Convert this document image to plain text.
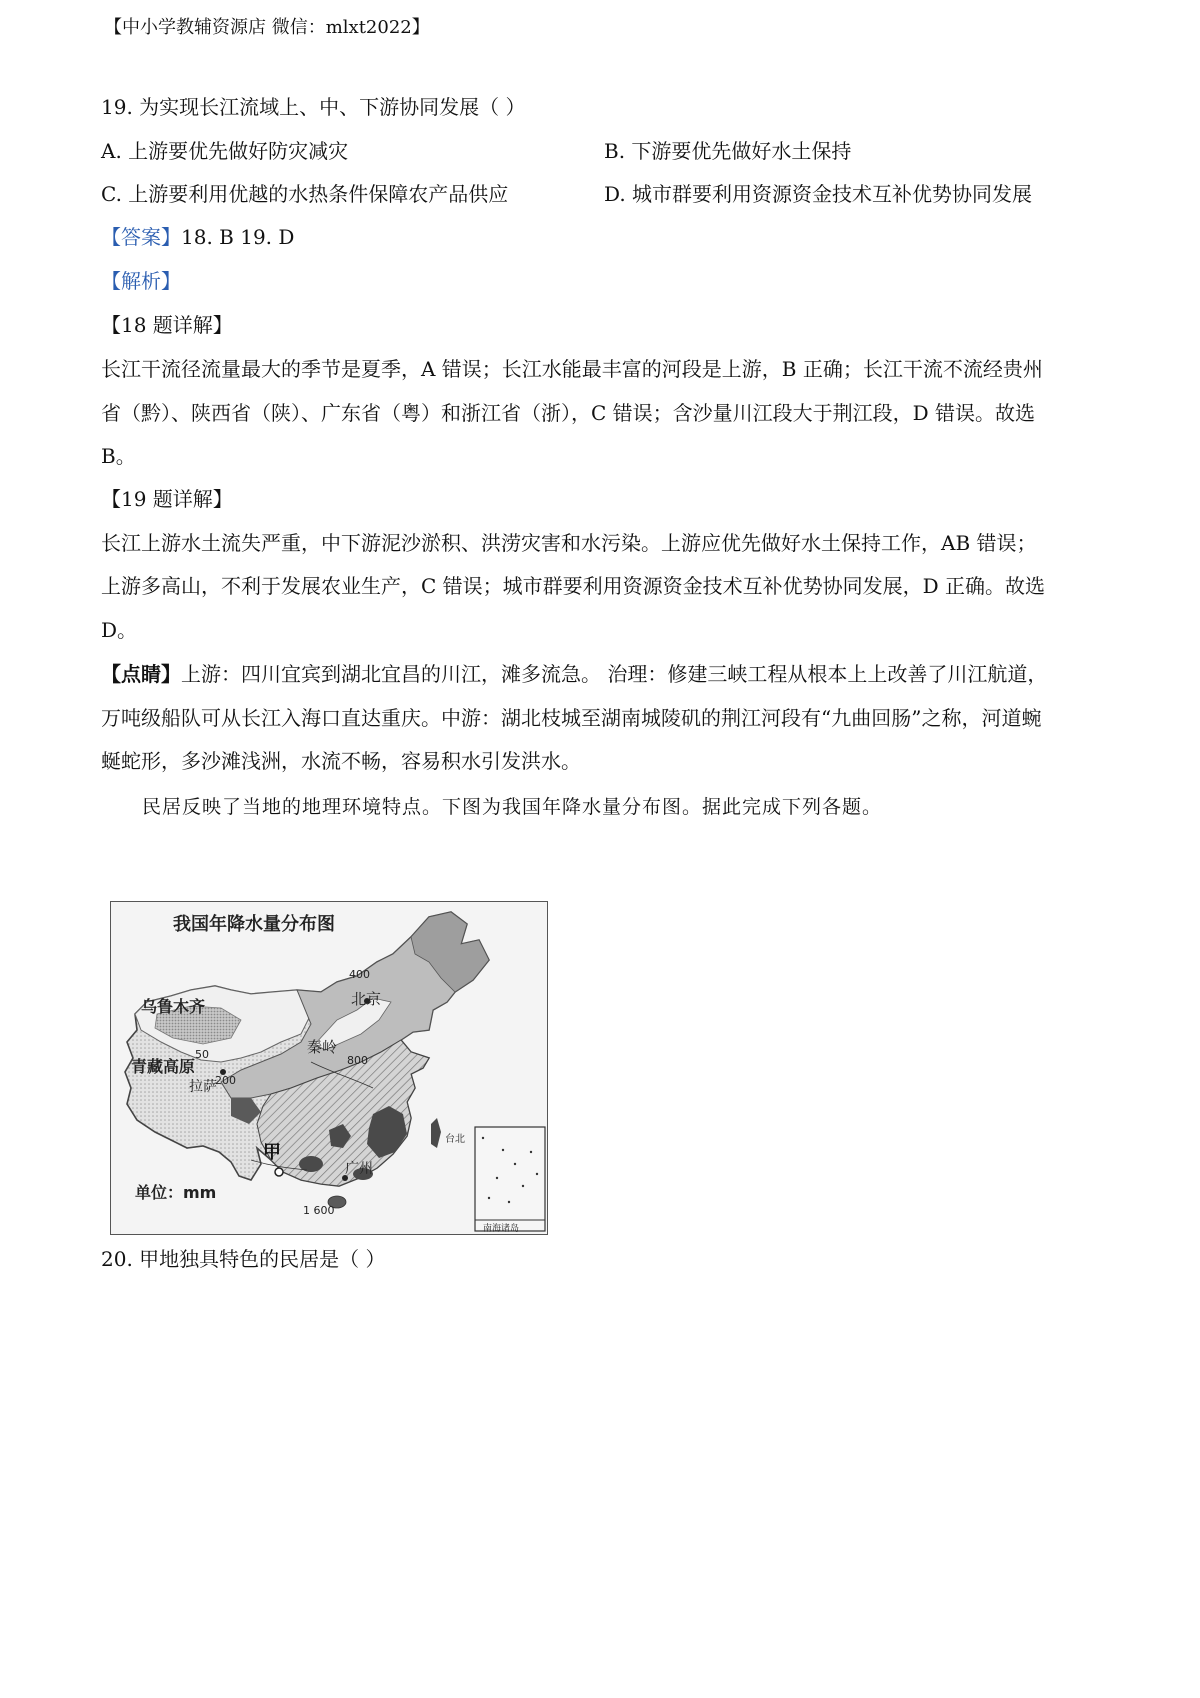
【中小学教辅资源店 微信：mlxt2022】
19. 为实现长江流域上、中、下游协同发展（ ）
A. 上游要优先做好防灾减灾	B. 下游要优先做好水土保持
C. 上游要利用优越的水热条件保障农产品供应	D. 城市群要利用资源资金技术互补优势协同发展
【答案】18. B 19. D
【解析】
【18 题详解】
长江干流径流量最大的季节是夏季，A 错误；长江水能最丰富的河段是上游，B 正确；长江干流不流经贵州
省（黔）、陕西省（陕）、广东省（粤）和浙江省（浙），C 错误；含沙量川江段大于荆江段，D 错误。故选
B。
【19 题详解】
长江上游水土流失严重，中下游泥沙淤积、洪涝灾害和水污染。上游应优先做好水土保持工作，AB 错误；
上游多高山，不利于发展农业生产，C 错误；城市群要利用资源资金技术互补优势协同发展，D 正确。故选
D。
【点睛】上游：四川宜宾到湖北宜昌的川江，滩多流急。 治理：修建三峡工程从根本上上改善了川江航道，
万吨级船队可从长江入海口直达重庆。中游：湖北枝城至湖南城陵矶的荆江河段有“九曲回肠”之称，河道蜿
蜒蛇形，多沙滩浅洲，水流不畅，容易积水引发洪水。
民居反映了当地的地理环境特点。下图为我国年降水量分布图。据此完成下列各题。
我国年降水量分布图
乌鲁木齐
50
200
400
北京
秦岭
800
青藏高原
拉萨
甲
广州
台北
1 600
单位：mm
南海诸岛
20. 甲地独具特色的民居是（ ）
